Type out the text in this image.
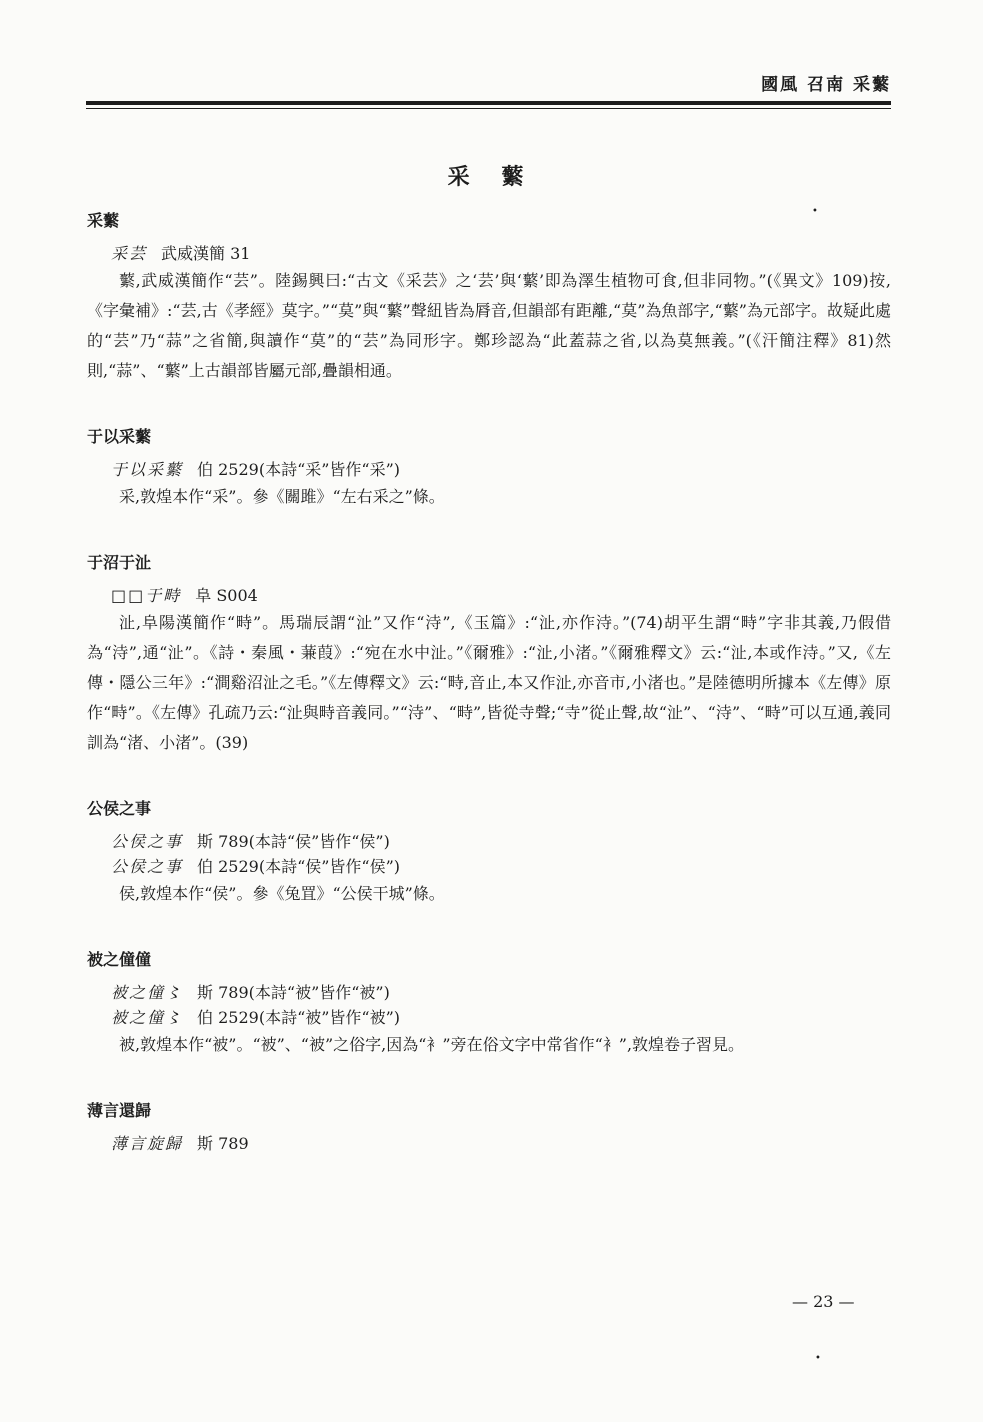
國風 召南 采蘩
采 蘩
•
•
采蘩
采芸 武威漢簡 31

蘩,武威漢簡作“芸”。陸錫興曰:“古文《采芸》之‘芸’與‘蘩’即為澤生植物可食,但非同物。”(《異文》109)按,《字彙補》:“芸,古《孝經》莫字。”“莫”與“蘩”聲紐皆為脣音,但韻部有距離,“莫”為魚部字,“蘩”為元部字。故疑此處的“芸”乃“蒜”之省簡,與讀作“莫”的“芸”為同形字。鄭珍認為“此蓋蒜之省,以為莫無義。”(《汗簡注釋》81)然則,“蒜”、“蘩”上古韻部皆屬元部,疊韻相通。

于以采蘩
于以采蘩 伯 2529(本詩“采”皆作“采”)

采,敦煌本作“采”。參《關雎》“左右采之”條。

于沼于沚
□□于畤 阜 S004

沚,阜陽漢簡作“畤”。馬瑞辰謂“沚”又作“洔”,《玉篇》:“沚,亦作洔。”(74)胡平生謂“畤”字非其義,乃假借為“洔”,通“沚”。《詩・秦風・蒹葭》:“宛在水中沚。”《爾雅》:“沚,小渚。”《爾雅釋文》云:“沚,本或作洔。”又,《左傳・隱公三年》:“澗谿沼沚之毛。”《左傳釋文》云:“畤,音止,本又作沚,亦音市,小渚也。”是陸德明所據本《左傳》原作“畤”。《左傳》孔疏乃云:“沚與畤音義同。”“洔”、“畤”,皆從寺聲;“寺”從止聲,故“沚”、“洔”、“畤”可以互通,義同訓為“渚、小渚”。(39)

公侯之事
公侯之事 斯 789(本詩“侯”皆作“侯”)
公侯之事 伯 2529(本詩“侯”皆作“侯”)

侯,敦煌本作“侯”。參《兔罝》“公侯干城”條。

被之僮僮
被之僮〻 斯 789(本詩“被”皆作“被”)
被之僮〻 伯 2529(本詩“被”皆作“被”)

被,敦煌本作“被”。“被”、“被”之俗字,因為“衤”旁在俗文字中常省作“衤”,敦煌卷子習見。

薄言還歸
薄言旋歸 斯 789
— 23 —
